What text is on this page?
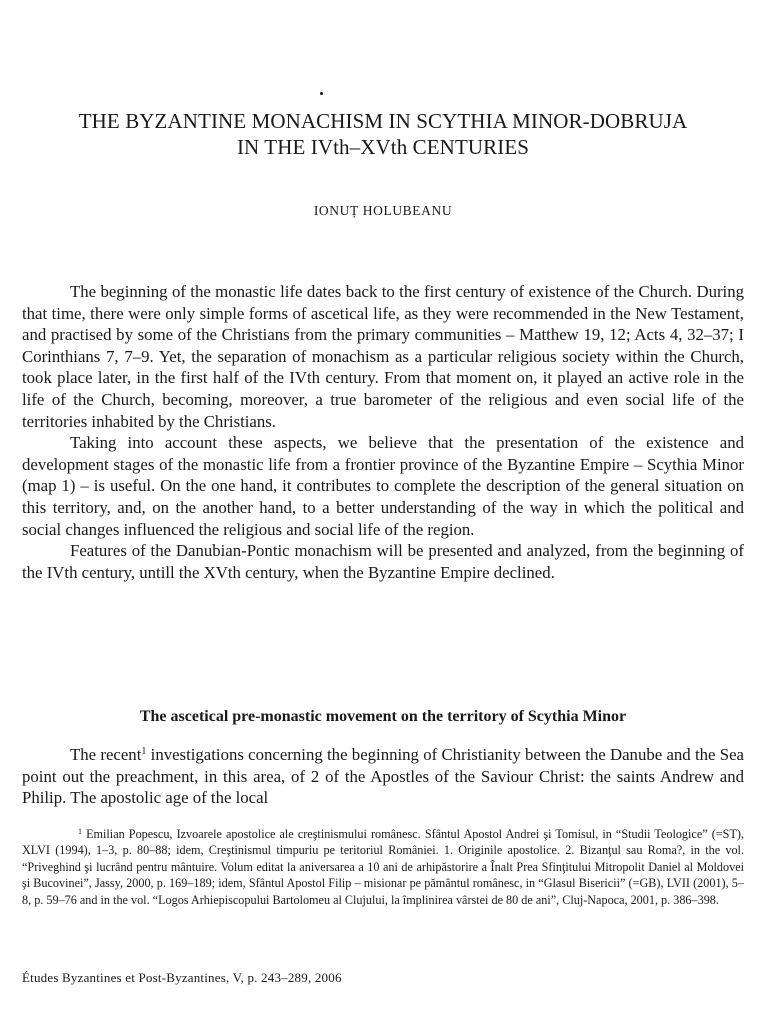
THE BYZANTINE MONACHISM IN SCYTHIA MINOR-DOBRUJA
IN THE IVth–XVth CENTURIES
IONUȚ HOLUBEANU

The beginning of the monastic life dates back to the first century of existence of the Church. During that time, there were only simple forms of ascetical life, as they were recommended in the New Testament, and practised by some of the Christians from the primary communities – Matthew 19, 12; Acts 4, 32–37; I Corinthians 7, 7–9. Yet, the separation of monachism as a particular religious society within the Church, took place later, in the first half of the IVth century. From that moment on, it played an active role in the life of the Church, becoming, moreover, a true barometer of the religious and even social life of the territories inhabited by the Christians.

Taking into account these aspects, we believe that the presentation of the existence and development stages of the monastic life from a frontier province of the Byzantine Empire – Scythia Minor (map 1) – is useful. On the one hand, it contributes to complete the description of the general situation on this territory, and, on the another hand, to a better understanding of the way in which the political and social changes influenced the religious and social life of the region.

Features of the Danubian-Pontic monachism will be presented and analyzed, from the beginning of the IVth century, untill the XVth century, when the Byzantine Empire declined.

The ascetical pre-monastic movement on the territory of Scythia Minor

The recent$^1$ investigations concerning the beginning of Christianity between the Danube and the Sea point out the preachment, in this area, of 2 of the Apostles of the Saviour Christ: the saints Andrew and Philip. The apostolic age of the local

$^1$ Emilian Popescu, Izvoarele apostolice ale creştinismului românesc. Sfântul Apostol Andrei şi Tomisul, in “Studii Teologice” (=ST), XLVI (1994), 1–3, p. 80–88; idem, Creştinismul timpuriu pe teritoriul României. 1. Originile apostolice. 2. Bizanţul sau Roma?, in the vol. “Priveghind şi lucrând pentru mântuire. Volum editat la aniversarea a 10 ani de arhipăstorire a Înalt Prea Sfinţitului Mitropolit Daniel al Moldovei şi Bucovinei”, Jassy, 2000, p. 169–189; idem, Sfântul Apostol Filip – misionar pe pământul românesc, in “Glasul Bisericii” (=GB), LVII (2001), 5–8, p. 59–76 and in the vol. “Logos Arhiepiscopului Bartolomeu al Clujului, la împlinirea vârstei de 80 de ani”, Cluj-Napoca, 2001, p. 386–398.
Études Byzantines et Post-Byzantines, V, p. 243–289, 2006
